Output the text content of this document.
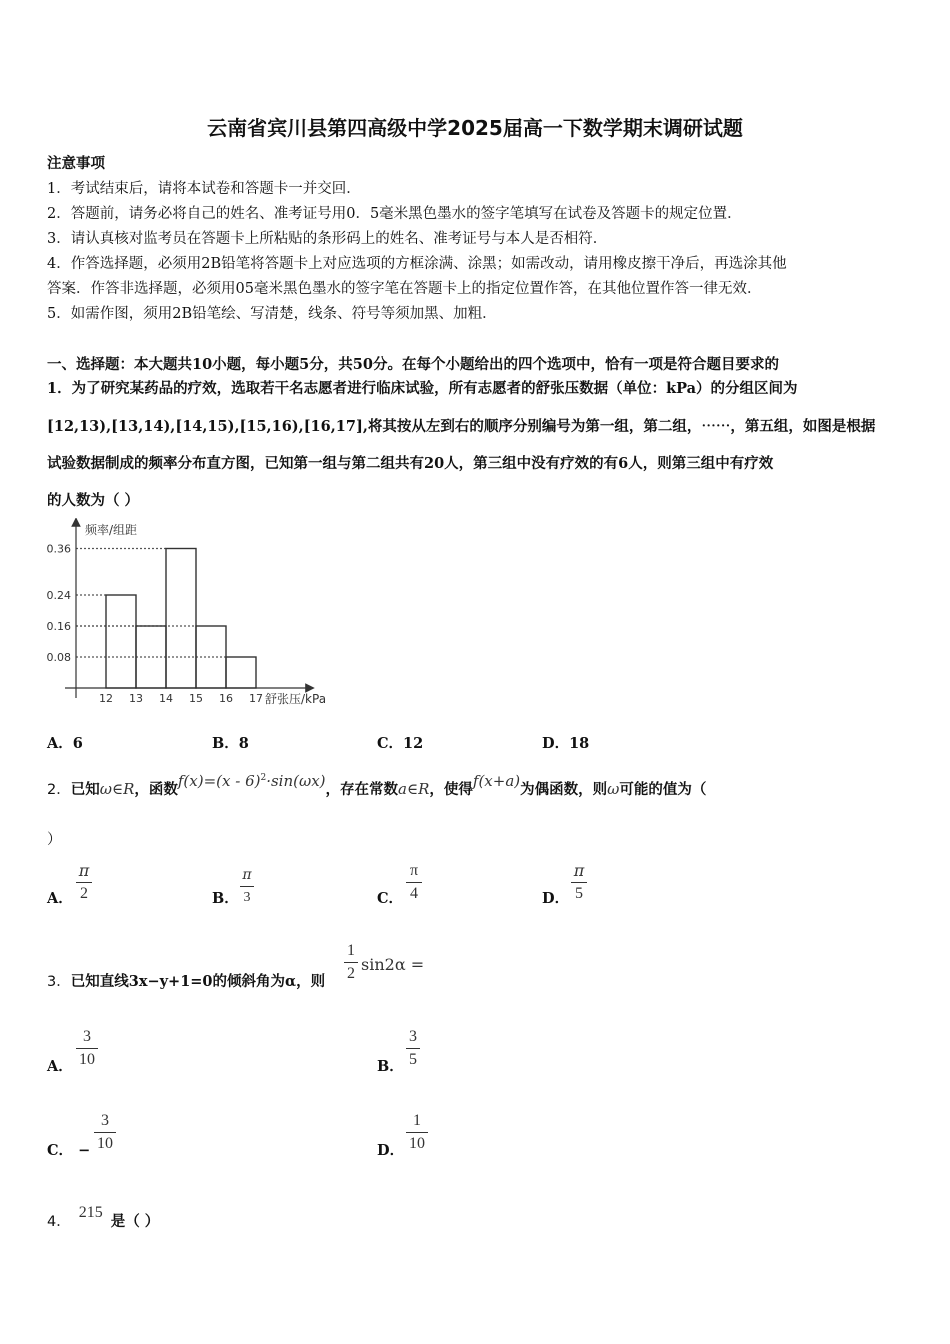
云南省宾川县第四高级中学2025届高一下数学期末调研试题
注意事项
1．考试结束后，请将本试卷和答题卡一并交回．
2．答题前，请务必将自己的姓名、准考证号用0．5毫米黑色墨水的签字笔填写在试卷及答题卡的规定位置．
3．请认真核对监考员在答题卡上所粘贴的条形码上的姓名、准考证号与本人是否相符．
4．作答选择题，必须用2B铅笔将答题卡上对应选项的方框涂满、涂黑；如需改动，请用橡皮擦干净后，再选涂其他
答案．作答非选择题，必须用05毫米黑色墨水的签字笔在答题卡上的指定位置作答，在其他位置作答一律无效．
5．如需作图，须用2B铅笔绘、写清楚，线条、符号等须加黑、加粗．
一、选择题：本大题共10小题，每小题5分，共50分。在每个小题给出的四个选项中，恰有一项是符合题目要求的
1．为了研究某药品的疗效，选取若干名志愿者进行临床试验，所有志愿者的舒张压数据（单位：kPa）的分组区间为
[12,13),[13,14),[14,15),[15,16),[16,17],将其按从左到右的顺序分别编号为第一组，第二组，⋯⋯，第五组，如图是根据
试验数据制成的频率分布直方图，已知第一组与第二组共有20人，第三组中没有疗效的有6人，则第三组中有疗效
的人数为（ ）
0.36
0.24
0.16
0.08
12 13 14 15 16 17
频率/组距
舒张压/kPa
A．6	B．8	C．12	D．18
2．已知ω∈R，函数f(x)=(x - 6)$^2$·sin(ωx)，存在常数a∈R，使得f(x+a)为偶函数，则ω可能的值为（
）
A．
π
2	B．
π
3	C．
π
4	D．
π
5
3．已知直线3x−y+1=0的倾斜角为α，则
1
2 sin2α =
A．
3
10	B．
3
5
C． −
3
10	D．
1
10
4．215是（ ）
